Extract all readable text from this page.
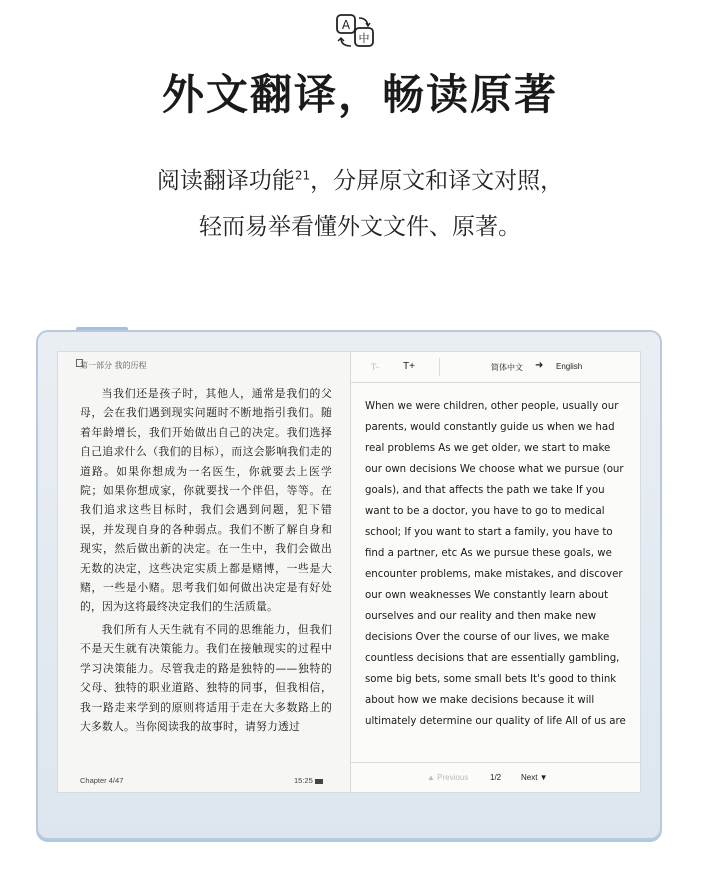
A
中
外文翻译，畅读原著
阅读翻译功能$^{21}$，分屏原文和译文对照，
轻而易举看懂外文文件、原著。
第一部分 我的历程

当我们还是孩子时，其他人，通常是我们的父母，会在我们遇到现实问题时不断地指引我们。随着年龄增长，我们开始做出自己的决定。我们选择自己追求什么（我们的目标），而这会影响我们走的道路。如果你想成为一名医生，你就要去上医学院；如果你想成家，你就要找一个伴侣，等等。在我们追求这些目标时，我们会遇到问题，犯下错误，并发现自身的各种弱点。我们不断了解自身和现实，然后做出新的决定。在一生中，我们会做出无数的决定，这些决定实质上都是赌博，一些是大赌，一些是小赌。思考我们如何做出决定是有好处的，因为这将最终决定我们的生活质量。

我们所有人天生就有不同的思维能力，但我们不是天生就有决策能力。我们在接触现实的过程中学习决策能力。尽管我走的路是独特的——独特的父母、独特的职业道路、独特的同事，但我相信，我一路走来学到的原则将适用于走在大多数路上的大多数人。当你阅读我的故事时，请努力透过

Chapter 4/47	15:25
T- T+	简体中文 ➜ English
When we were children, other people, usually our
parents, would constantly guide us when we had
real problems As we get older, we start to make
our own decisions We choose what we pursue (our
goals), and that affects the path we take If you
want to be a doctor, you have to go to medical
school; If you want to start a family, you have to
find a partner, etc As we pursue these goals, we
encounter problems, make mistakes, and discover
our own weaknesses We constantly learn about
ourselves and our reality and then make new
decisions Over the course of our lives, we make
countless decisions that are essentially gambling,
some big bets, some small bets It's good to think
about how we make decisions because it will
ultimately determine our quality of life All of us are
▲ Previous	1/2 Next ▼
